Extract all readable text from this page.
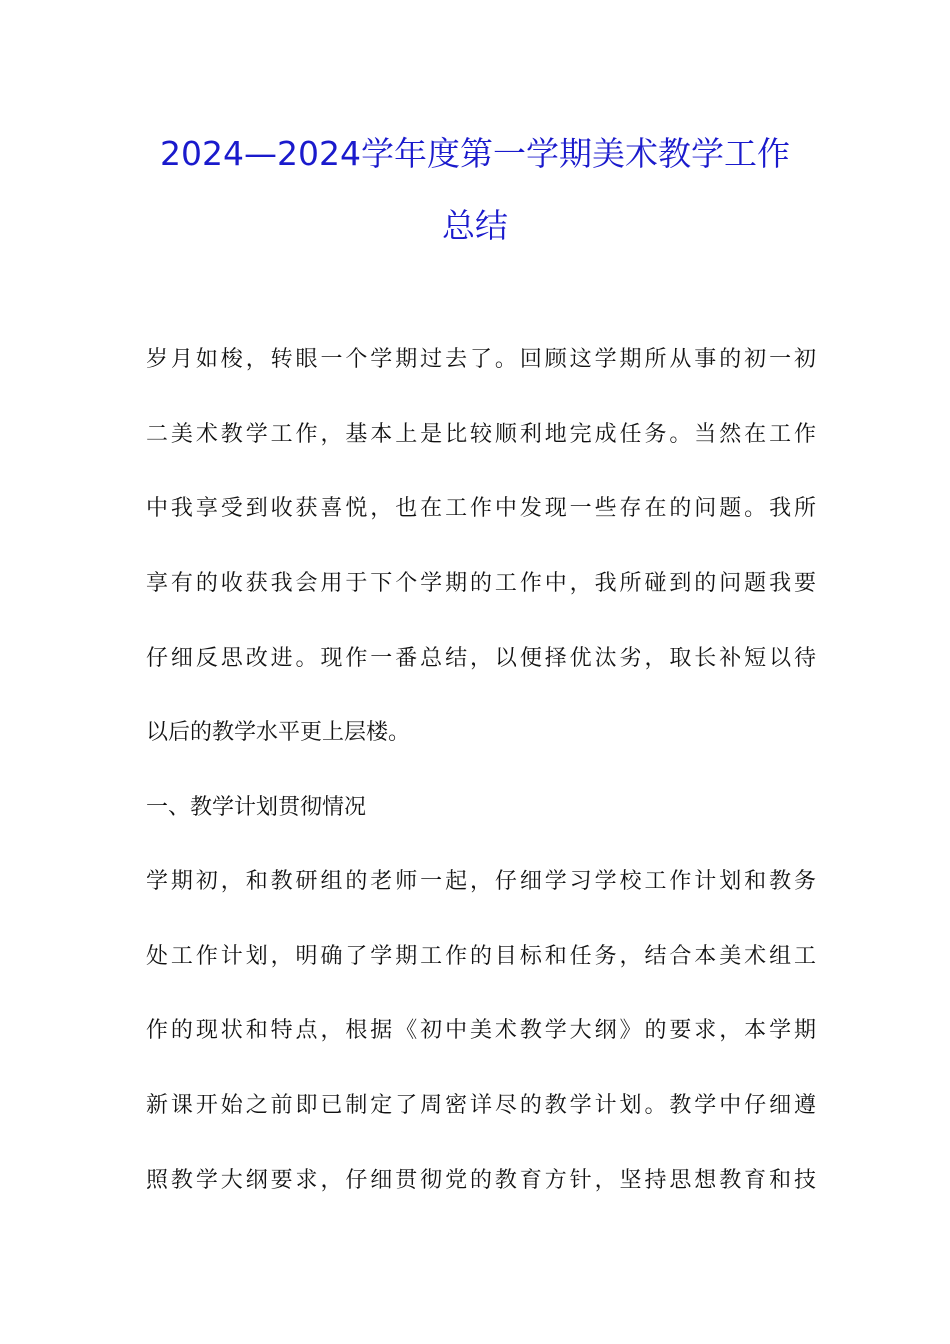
2024—2024学年度第一学期美术教学工作
总结
岁月如梭，转眼一个学期过去了。回顾这学期所从事的初一初
二美术教学工作，基本上是比较顺利地完成任务。当然在工作
中我享受到收获喜悦，也在工作中发现一些存在的问题。我所
享有的收获我会用于下个学期的工作中，我所碰到的问题我要
仔细反思改进。现作一番总结，以便择优汰劣，取长补短以待
以后的教学水平更上层楼。
一、教学计划贯彻情况
学期初，和教研组的老师一起，仔细学习学校工作计划和教务
处工作计划，明确了学期工作的目标和任务，结合本美术组工
作的现状和特点，根据《初中美术教学大纲》的要求，本学期
新课开始之前即已制定了周密详尽的教学计划。教学中仔细遵
照教学大纲要求，仔细贯彻党的教育方针，坚持思想教育和技
